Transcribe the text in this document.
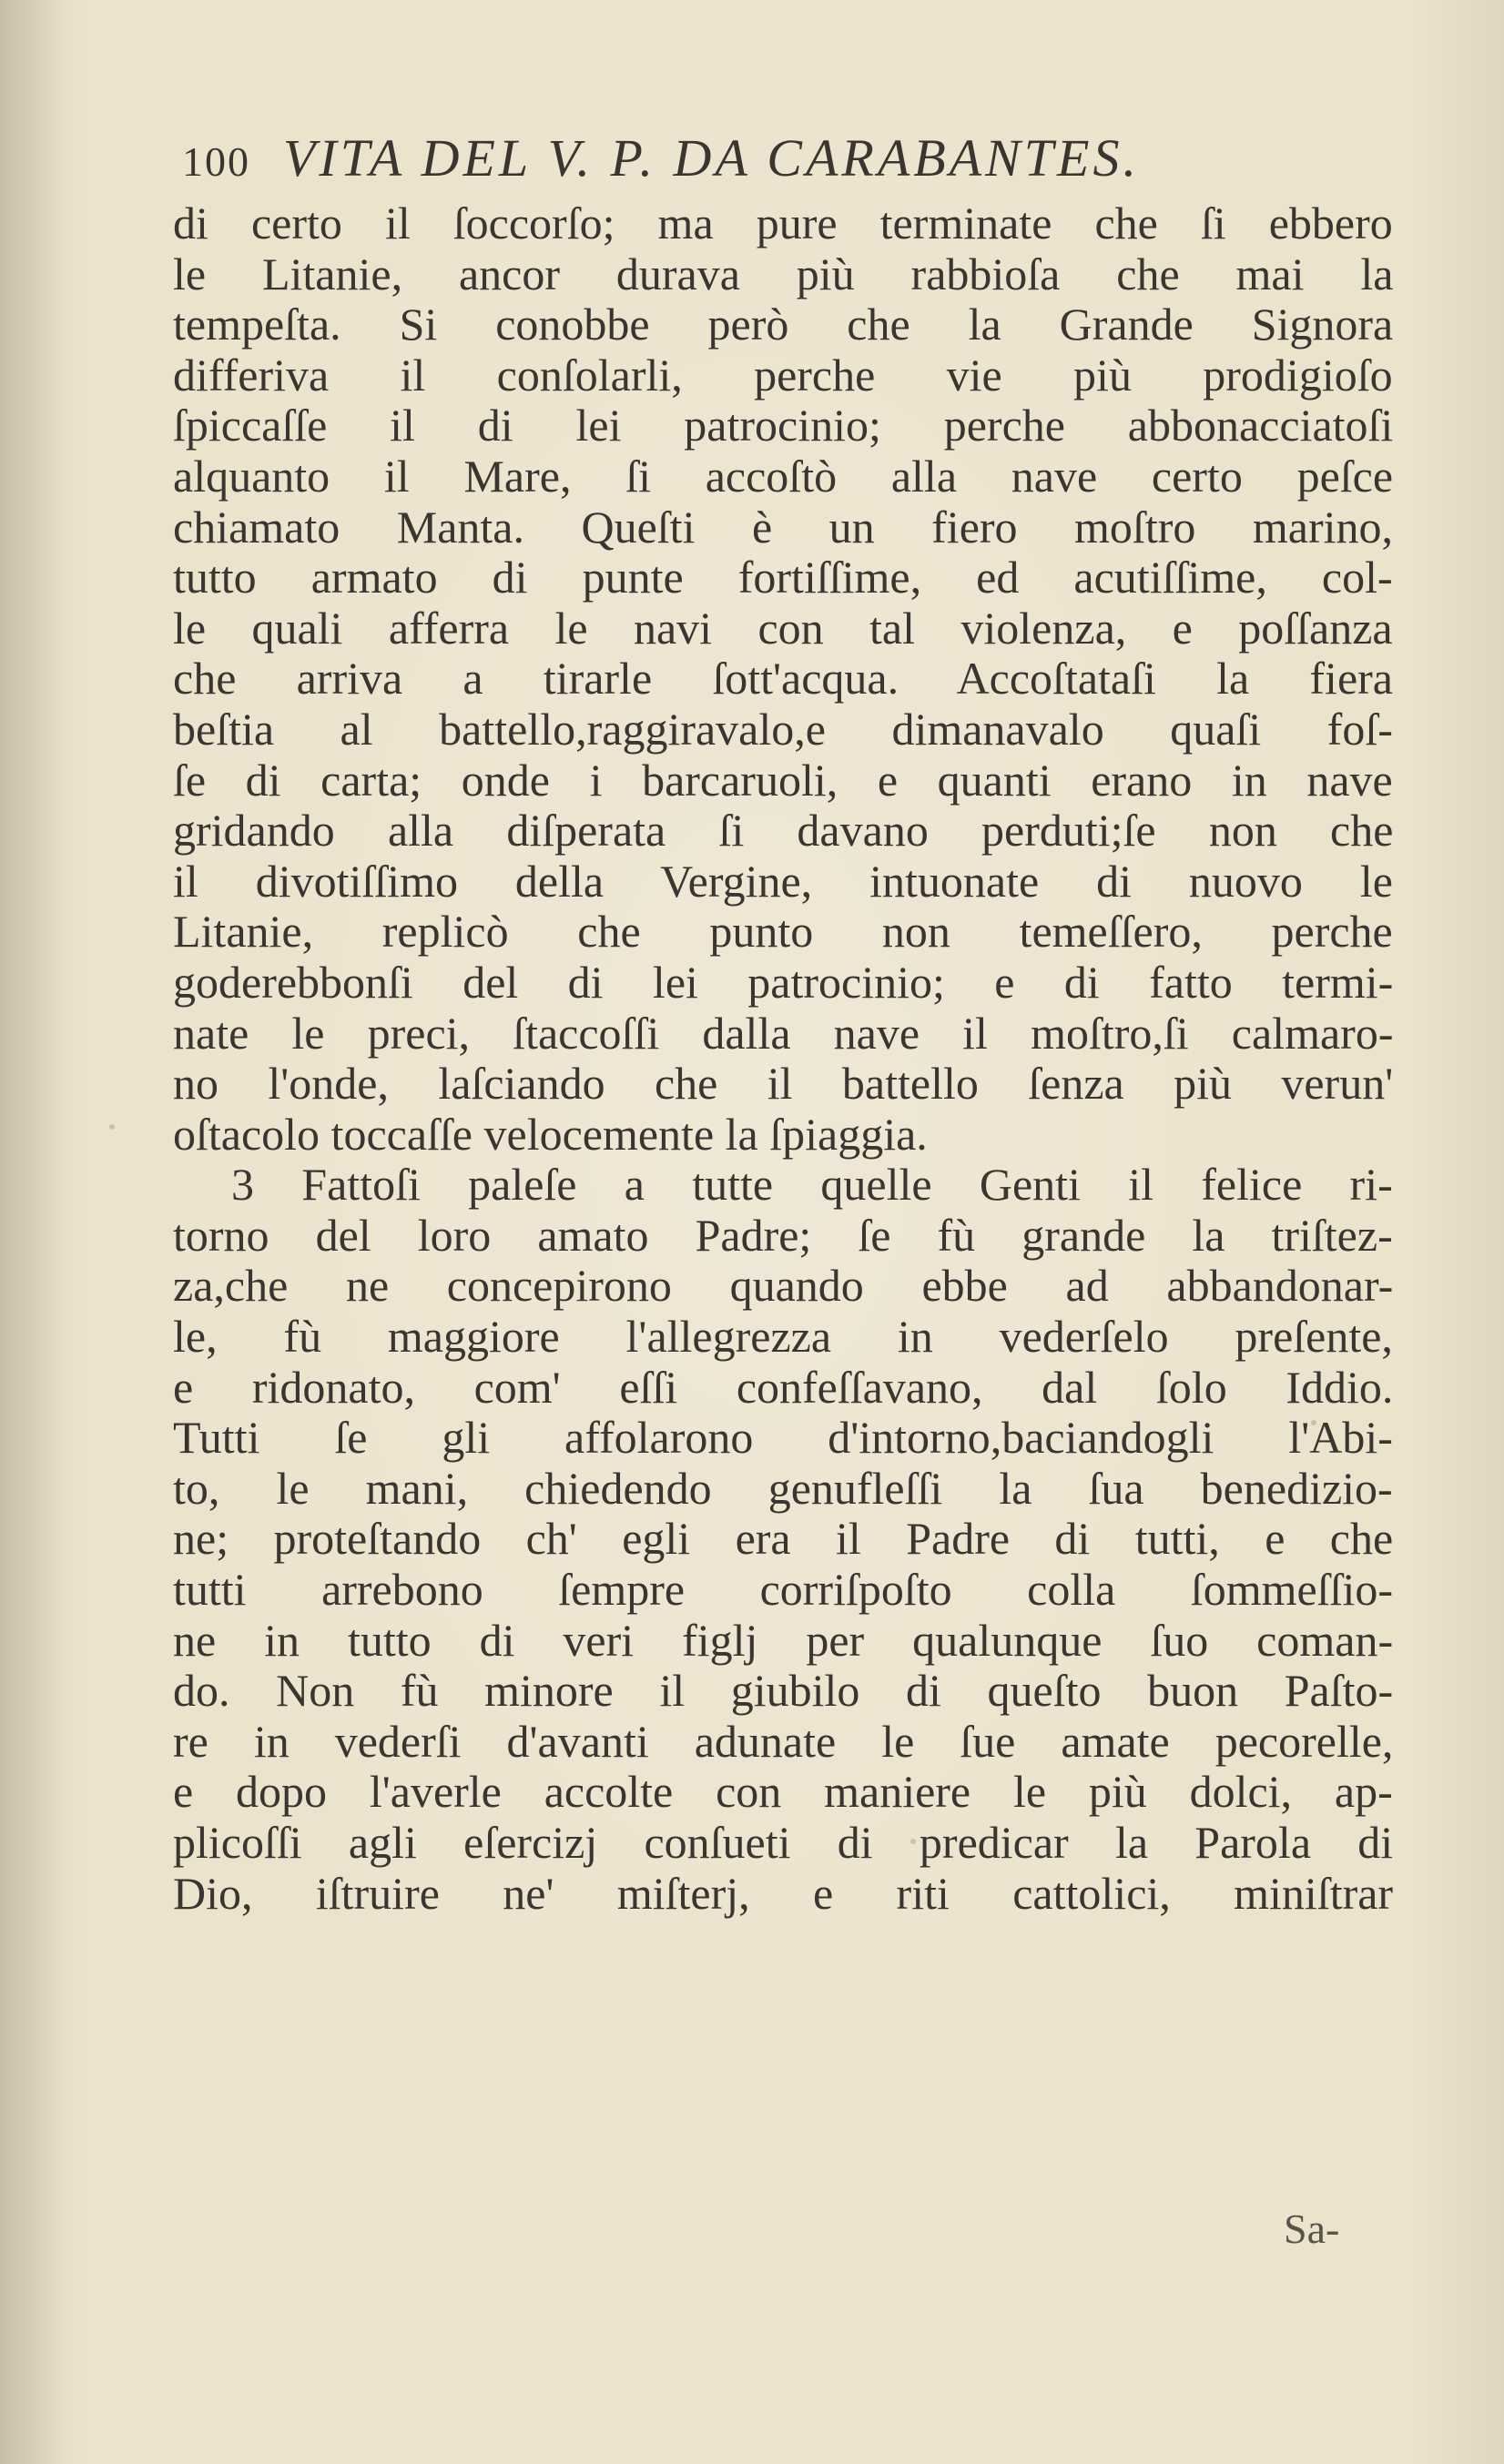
100 VITA DEL V. P. DA CARABANTES.
di certo il ſoccorſo; ma pure terminate che ſi ebbero
le Litanie, ancor durava più rabbioſa che mai la
tempeſta. Si conobbe però che la Grande Signora
differiva il conſolarli, perche vie più prodigioſo
ſpiccaſſe il di lei patrocinio; perche abbonacciatoſi
alquanto il Mare, ſi accoſtò alla nave certo peſce
chiamato Manta. Queſti è un fiero moſtro marino,
tutto armato di punte fortiſſime, ed acutiſſime, col-
le quali afferra le navi con tal violenza, e poſſanza
che arriva a tirarle ſott'acqua. Accoſtataſi la fiera
beſtia al battello,raggiravalo,e dimanavalo quaſi foſ-
ſe di carta; onde i barcaruoli, e quanti erano in nave
gridando alla diſperata ſi davano perduti;ſe non che
il divotiſſimo della Vergine, intuonate di nuovo le
Litanie, replicò che punto non temeſſero, perche
goderebbonſi del di lei patrocinio; e di fatto termi-
nate le preci, ſtaccoſſi dalla nave il moſtro,ſi calmaro-
no l'onde, laſciando che il battello ſenza più verun'
oſtacolo toccaſſe velocemente la ſpiaggia.
3 Fattoſi paleſe a tutte quelle Genti il felice ri-
torno del loro amato Padre; ſe fù grande la triſtez-
za,che ne concepirono quando ebbe ad abbandonar-
le, fù maggiore l'allegrezza in vederſelo preſente,
e ridonato, com' eſſi confeſſavano, dal ſolo Iddio.
Tutti ſe gli affolarono d'intorno,baciandogli l'Abi-
to, le mani, chiedendo genufleſſi la ſua benedizio-
ne; proteſtando ch' egli era il Padre di tutti, e che
tutti arrebono ſempre corriſpoſto colla ſommeſſio-
ne in tutto di veri figlj per qualunque ſuo coman-
do. Non fù minore il giubilo di queſto buon Paſto-
re in vederſi d'avanti adunate le ſue amate pecorelle,
e dopo l'averle accolte con maniere le più dolci, ap-
plicoſſi agli eſercizj conſueti di predicar la Parola di
Dio, iſtruire ne' miſterj, e riti cattolici, miniſtrar
Sa-
